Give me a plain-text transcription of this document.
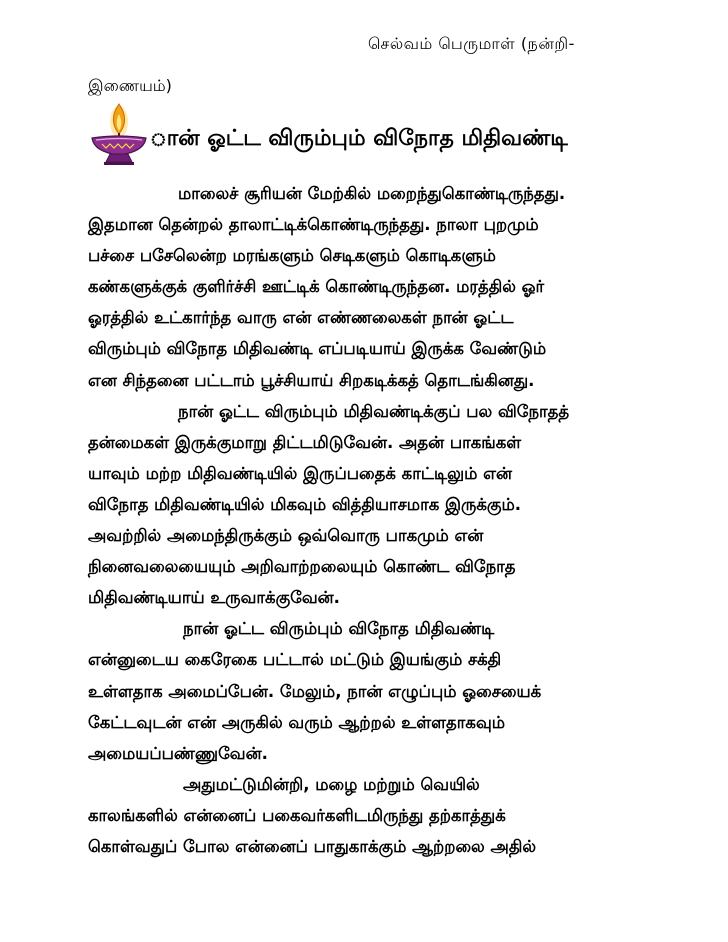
செல்வம் பெருமாள் (நன்றி-
இணையம்)
ான் ஓட்ட விரும்பும் விநோத மிதிவண்டி
மாலைச் சூரியன் மேற்கில் மறைந்துகொண்டிருந்தது.
இதமான தென்றல் தாலாட்டிக்கொண்டிருந்தது. நாலா புறமும்
பச்சை பசேலென்ற மரங்களும் செடிகளும் கொடிகளும்
கண்களுக்குக் குளிர்ச்சி ஊட்டிக் கொண்டிருந்தன. மரத்தில் ஓர்
ஓரத்தில் உட்கார்ந்த வாரு என் எண்ணலைகள் நான் ஓட்ட
விரும்பும் விநோத மிதிவண்டி எப்படியாய் இருக்க வேண்டும்
என சிந்தனை பட்டாம் பூச்சியாய் சிறகடிக்கத் தொடங்கினது.
நான் ஓட்ட விரும்பும் மிதிவண்டிக்குப் பல விநோதத்
தன்மைகள் இருக்குமாறு திட்டமிடுவேன். அதன் பாகங்கள்
யாவும் மற்ற மிதிவண்டியில் இருப்பதைக் காட்டிலும் என்
விநோத மிதிவண்டியில் மிகவும் வித்தியாசமாக இருக்கும்.
அவற்றில் அமைந்திருக்கும் ஒவ்வொரு பாகமும் என்
நினைவலையையும் அறிவாற்றலையும் கொண்ட விநோத
மிதிவண்டியாய் உருவாக்குவேன்.
நான் ஓட்ட விரும்பும் விநோத மிதிவண்டி
என்னுடைய கைரேகை பட்டால் மட்டும் இயங்கும் சக்தி
உள்ளதாக அமைப்பேன். மேலும், நான் எழுப்பும் ஓசையைக்
கேட்டவுடன் என் அருகில் வரும் ஆற்றல் உள்ளதாகவும்
அமையப்பண்ணுவேன்.
அதுமட்டுமின்றி, மழை மற்றும் வெயில்
காலங்களில் என்னைப் பகைவர்களிடமிருந்து தற்காத்துக்
கொள்வதுப் போல என்னைப் பாதுகாக்கும் ஆற்றலை அதில்
